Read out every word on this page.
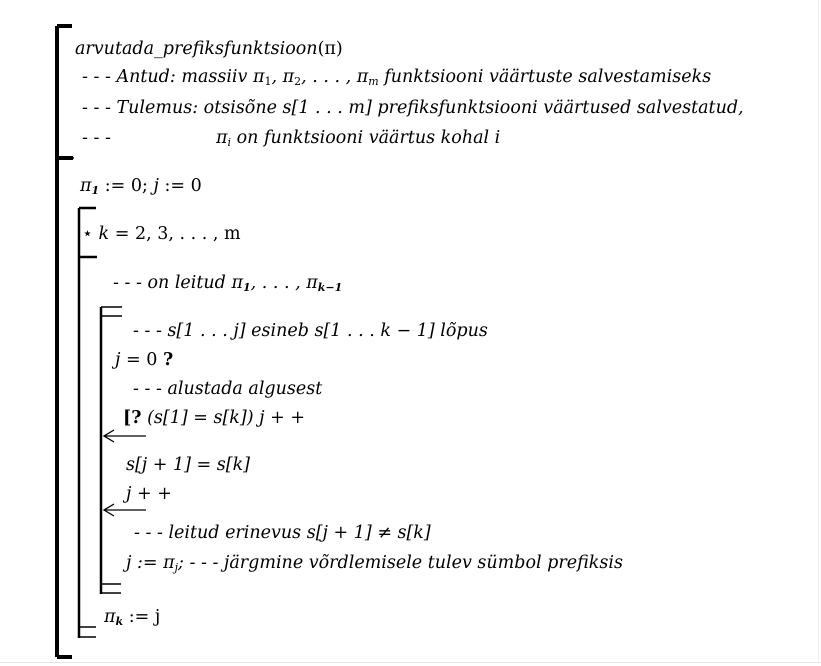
arvutada_prefiksfunktsioon(π)
- - - Antud: massiiv $\pi_1$, $\pi_2$, . . . , $\pi_m$ funktsiooni väärtuste salvestamiseks
- - - Tulemus: otsisõne s[1 . . . m] prefiksfunktsiooni väärtused salvestatud,
- - -	$\pi_i$ on funktsiooni väärtus kohal i
$\pi_1$ := 0; j := 0
⋆ k = 2, 3, . . . , m
- - - on leitud $\pi_1$, . . . , $\pi_{k-1}$
- - - s[1 . . . j] esineb s[1 . . . k − 1] lõpus
j = 0 ?
- - - alustada algusest
[? (s[1] = s[k]) j + +
s[j + 1] = s[k]
j + +
- - - leitud erinevus s[j + 1] ≠ s[k]
j := $\pi_j$; - - - järgmine võrdlemisele tulev sümbol prefiksis
$\pi_k$ := j
